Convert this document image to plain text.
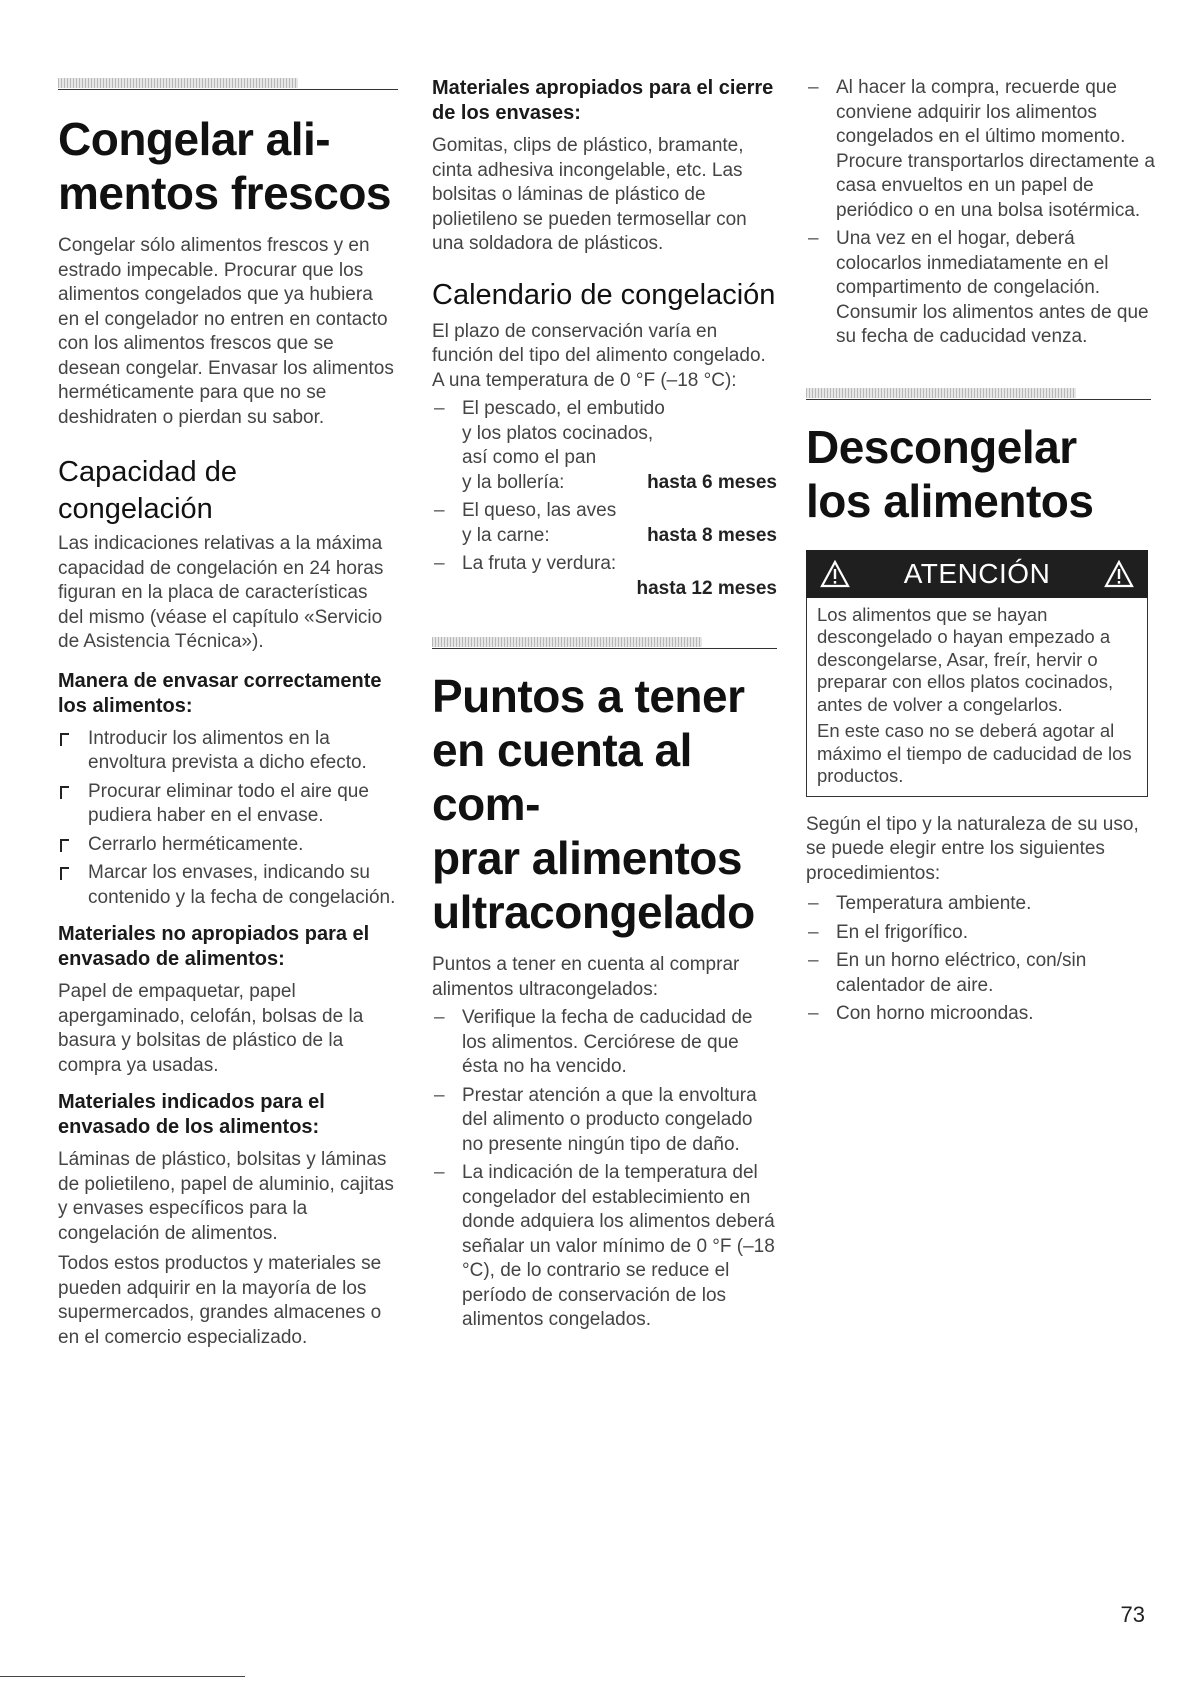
Congelar ali-
mentos frescos

Congelar sólo alimentos frescos y en estrado impecable. Procurar que los alimentos congelados que ya hubiera en el congelador no entren en contacto con los alimentos frescos que se desean congelar. Envasar los alimentos herméticamente para que no se deshidraten o pierdan su sabor.

Capacidad de congelación

Las indicaciones relativas a la máxima capacidad de congelación en 24 horas figuran en la placa de características del mismo (véase el capítulo «Servicio de Asistencia Técnica»).

Manera de envasar correctamente los alimentos:
Introducir los alimentos en la envoltura prevista a dicho efecto.
Procurar eliminar todo el aire que pudiera haber en el envase.
Cerrarlo herméticamente.
Marcar los envases, indicando su contenido y la fecha de congelación.
Materiales no apropiados para el envasado de alimentos:

Papel de empaquetar, papel apergaminado, celofán, bolsas de la basura y bolsitas de plástico de la compra ya usadas.

Materiales indicados para el envasado de los alimentos:

Láminas de plástico, bolsitas y láminas de polietileno, papel de aluminio, cajitas y envases específicos para la congelación de alimentos.

Todos estos productos y materiales se pueden adquirir en la mayoría de los supermercados, grandes almacenes o en el comercio especializado.

Materiales apropiados para el cierre de los envases:

Gomitas, clips de plástico, bramante, cinta adhesiva incongelable, etc. Las bolsitas o láminas de plástico de polietileno se pueden termosellar con una soldadora de plásticos.

Calendario de congelación

El plazo de conservación varía en función del tipo del alimento congelado. A una temperatura de 0 °F (–18 °C):

– El pescado, el embutido
y los platos cocinados,
así como el pan
y la bollería:	hasta 6 meses
– El queso, las aves
y la carne:	hasta 8 meses
– La fruta y verdura:
hasta 12 meses
Puntos a tener en cuenta al com-
prar alimentos ultracongelado

Puntos a tener en cuenta al comprar alimentos ultracongelados:

– Verifique la fecha de caducidad de los alimentos. Cerciórese de que ésta no ha vencido.
– Prestar atención a que la envoltura del alimento o producto congelado no presente ningún tipo de daño.
– La indicación de la temperatura del congelador del establecimiento en donde adquiera los alimentos deberá señalar un valor mínimo de 0 °F (–18 °C), de lo contrario se reduce el período de conservación de los alimentos congelados.
– Al hacer la compra, recuerde que conviene adquirir los alimentos congelados en el último momento. Procure transportarlos directamente a casa envueltos en un papel de periódico o en una bolsa isotérmica.
– Una vez en el hogar, deberá colocarlos inmediatamente en el compartimento de congelación. Consumir los alimentos antes de que su fecha de caducidad venza.
Descongelar los alimentos
ATENCIÓN

Los alimentos que se hayan descongelado o hayan empezado a descongelarse, Asar, freír, hervir o preparar con ellos platos cocinados, antes de volver a congelarlos.

En este caso no se deberá agotar al máximo el tiempo de caducidad de los productos.

Según el tipo y la naturaleza de su uso, se puede elegir entre los siguientes procedimientos:

– Temperatura ambiente.
– En el frigorífico.
– En un horno eléctrico, con/sin calentador de aire.
– Con horno microondas.
73
